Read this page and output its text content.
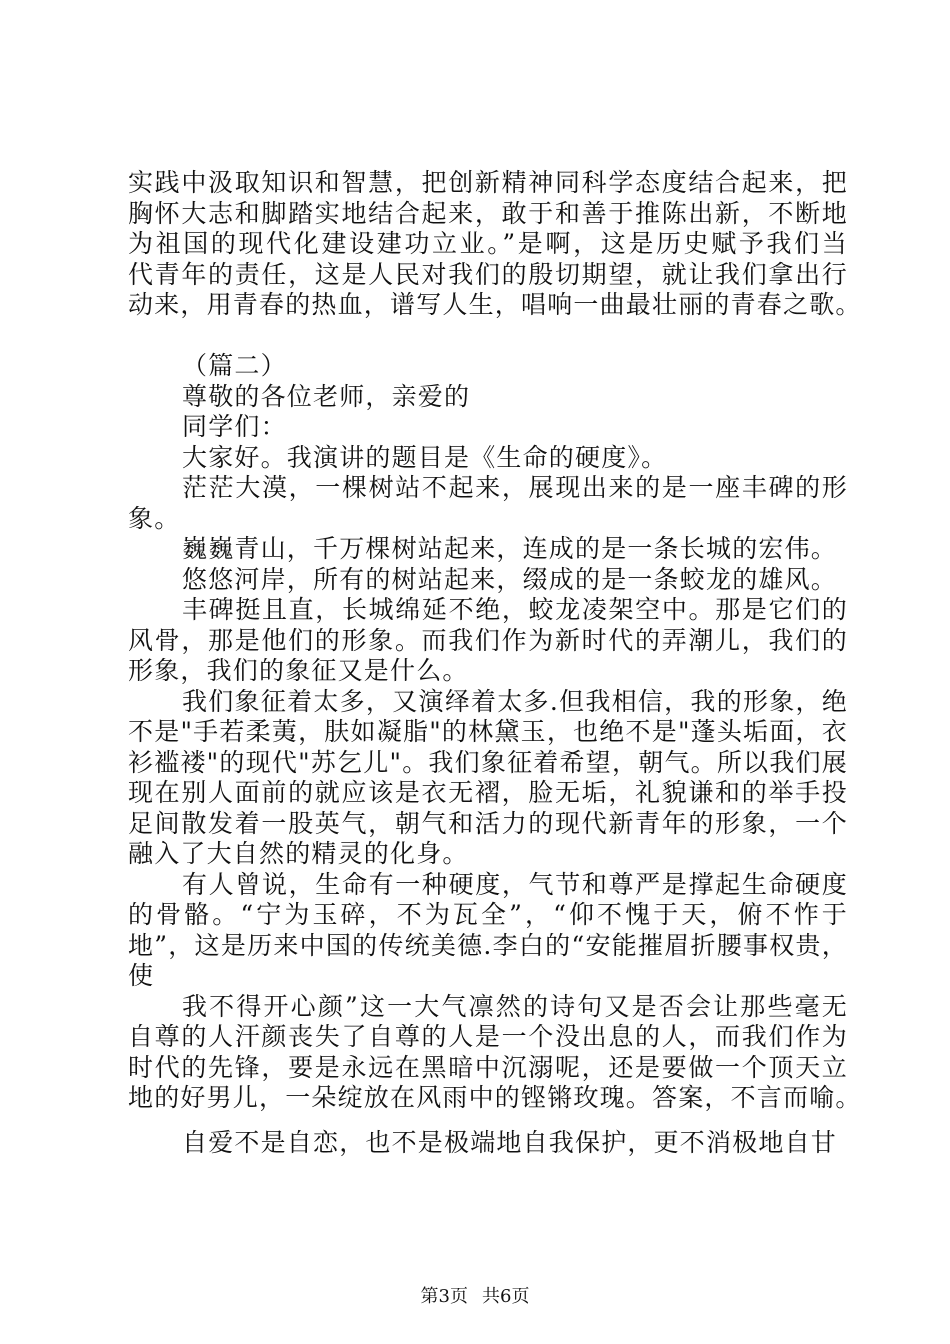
实践中汲取知识和智慧，把创新精神同科学态度结合起来，把
胸怀大志和脚踏实地结合起来，敢于和善于推陈出新，不断地
为祖国的现代化建设建功立业。”是啊，这是历史赋予我们当
代青年的责任，这是人民对我们的殷切期望，就让我们拿出行
动来，用青春的热血，谱写人生，唱响一曲最壮丽的青春之歌。
（篇二）
尊敬的各位老师，亲爱的
同学们：
大家好。我演讲的题目是《生命的硬度》。
茫茫大漠，一棵树站不起来，展现出来的是一座丰碑的形
象。
巍巍青山，千万棵树站起来，连成的是一条长城的宏伟。
悠悠河岸，所有的树站起来，缀成的是一条蛟龙的雄风。
丰碑挺且直，长城绵延不绝，蛟龙凌架空中。那是它们的
风骨，那是他们的形象。而我们作为新时代的弄潮儿，我们的
形象，我们的象征又是什么。
我们象征着太多，又演绎着太多.但我相信，我的形象，绝
不是"手若柔荑，肤如凝脂"的林黛玉，也绝不是"蓬头垢面，衣
衫褴褛"的现代"苏乞儿"。我们象征着希望，朝气。所以我们展
现在别人面前的就应该是衣无褶，脸无垢，礼貌谦和的举手投
足间散发着一股英气，朝气和活力的现代新青年的形象，一个
融入了大自然的精灵的化身。
有人曾说，生命有一种硬度，气节和尊严是撑起生命硬度
的骨骼。“宁为玉碎，不为瓦全”，“仰不愧于天，俯不怍于
地”，这是历来中国的传统美德.李白的“安能摧眉折腰事权贵，
使
我不得开心颜”这一大气凛然的诗句又是否会让那些毫无
自尊的人汗颜丧失了自尊的人是一个没出息的人，而我们作为
时代的先锋，要是永远在黑暗中沉溺呢，还是要做一个顶天立
地的好男儿，一朵绽放在风雨中的铿锵玫瑰。答案，不言而喻。
自爱不是自恋，也不是极端地自我保护，更不消极地自甘
第3页 共6页
